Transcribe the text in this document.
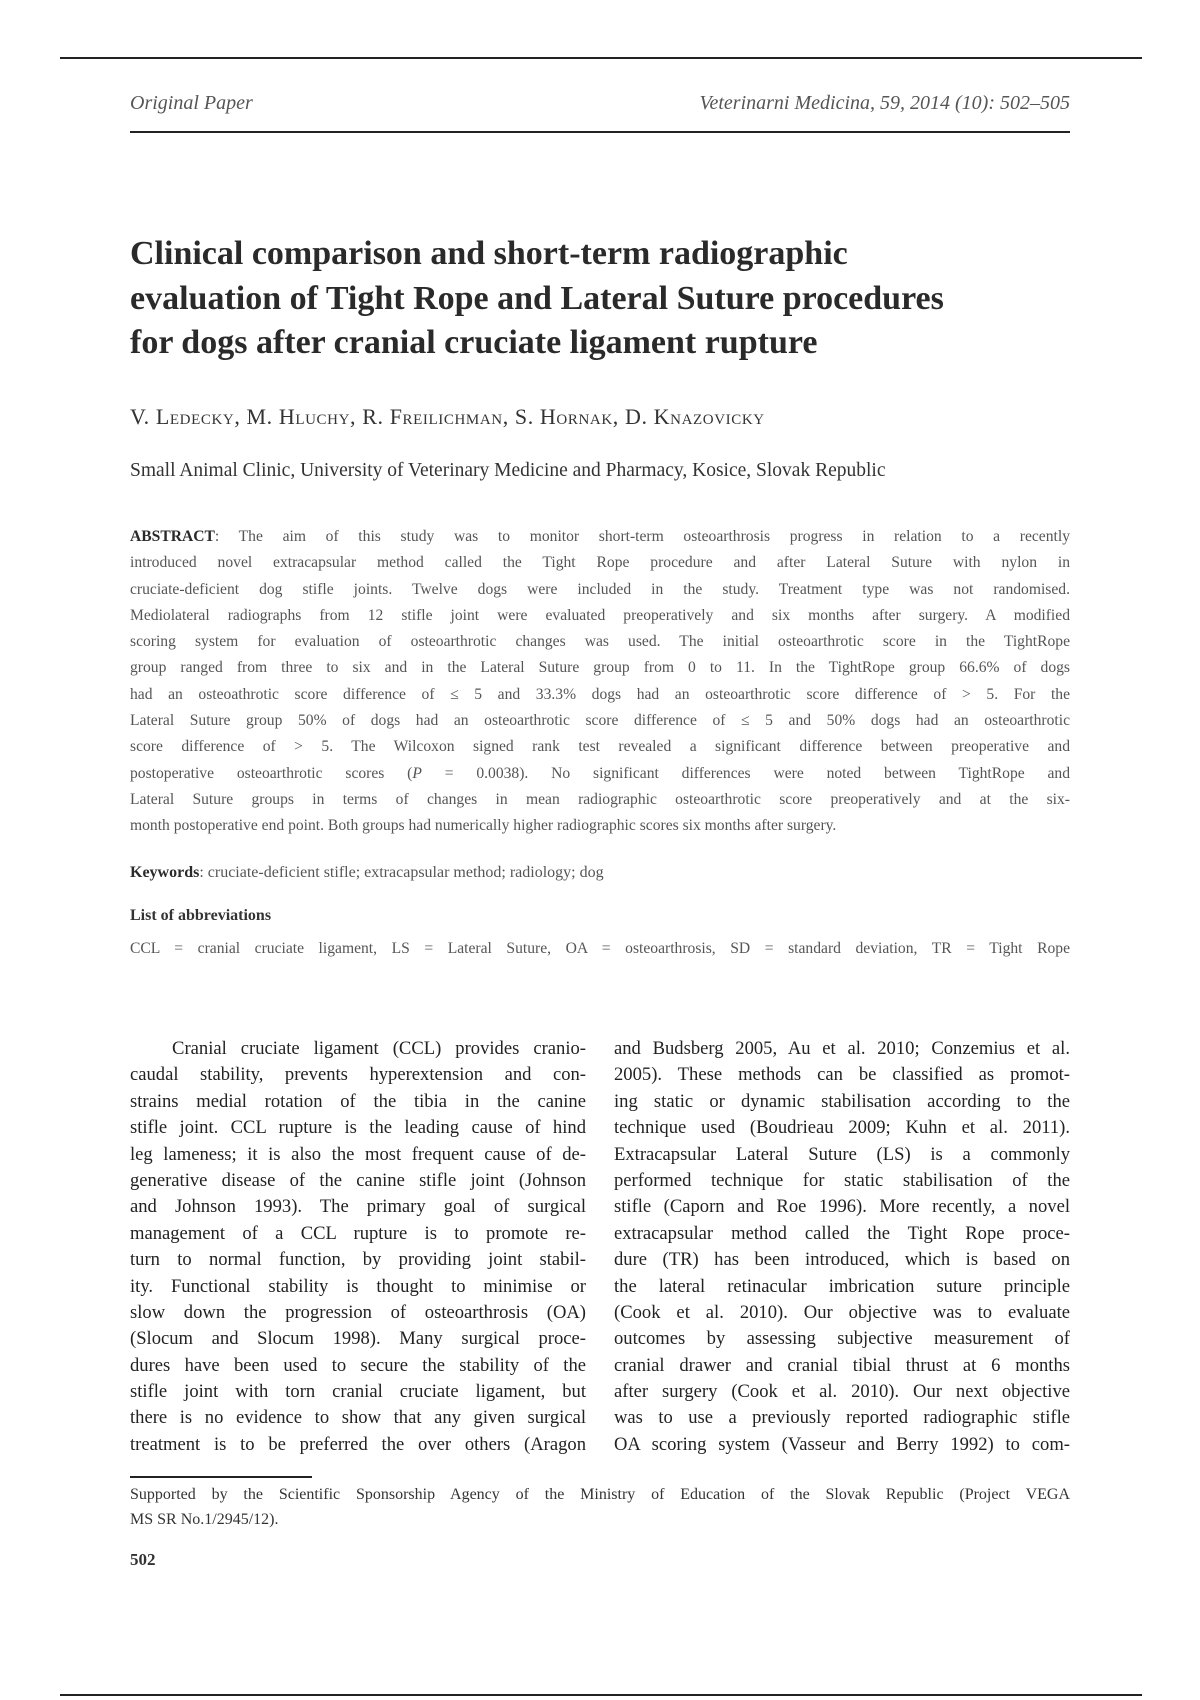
Original Paper	Veterinarni Medicina, 59, 2014 (10): 502–505
Clinical comparison and short-term radiographic
evaluation of Tight Rope and Lateral Suture procedures
for dogs after cranial cruciate ligament rupture
V. Ledecky, M. Hluchy, R. Freilichman, S. Hornak, D. Knazovicky
Small Animal Clinic, University of Veterinary Medicine and Pharmacy, Kosice, Slovak Republic
ABSTRACT: The aim of this study was to monitor short-term osteoarthrosis progress in relation to a recently
introduced novel extracapsular method called the Tight Rope procedure and after Lateral Suture with nylon in
cruciate-deficient dog stifle joints. Twelve dogs were included in the study. Treatment type was not randomised.
Mediolateral radiographs from 12 stifle joint were evaluated preoperatively and six months after surgery. A modified
scoring system for evaluation of osteoarthrotic changes was used. The initial osteoarthrotic score in the TightRope
group ranged from three to six and in the Lateral Suture group from 0 to 11. In the TightRope group 66.6% of dogs
had an osteoathrotic score difference of ≤ 5 and 33.3% dogs had an osteoarthrotic score difference of > 5. For the
Lateral Suture group 50% of dogs had an osteoarthrotic score difference of ≤ 5 and 50% dogs had an osteoarthrotic
score difference of > 5. The Wilcoxon signed rank test revealed a significant difference between preoperative and
postoperative osteoarthrotic scores (P = 0.0038). No significant differences were noted between TightRope and
Lateral Suture groups in terms of changes in mean radiographic osteoarthrotic score preoperatively and at the six-
month postoperative end point. Both groups had numerically higher radiographic scores six months after surgery.
Keywords: cruciate-deficient stifle; extracapsular method; radiology; dog
List of abbreviations
CCL = cranial cruciate ligament, LS = Lateral Suture, OA = osteoarthrosis, SD = standard deviation, TR = Tight Rope
Cranial cruciate ligament (CCL) provides cranio-
caudal stability, prevents hyperextension and con-
strains medial rotation of the tibia in the canine
stifle joint. CCL rupture is the leading cause of hind
leg lameness; it is also the most frequent cause of de-
generative disease of the canine stifle joint (Johnson
and Johnson 1993). The primary goal of surgical
management of a CCL rupture is to promote re-
turn to normal function, by providing joint stabil-
ity. Functional stability is thought to minimise or
slow down the progression of osteoarthrosis (OA)
(Slocum and Slocum 1998). Many surgical proce-
dures have been used to secure the stability of the
stifle joint with torn cranial cruciate ligament, but
there is no evidence to show that any given surgical
treatment is to be preferred the over others (Aragon
and Budsberg 2005, Au et al. 2010; Conzemius et al.
2005). These methods can be classified as promot-
ing static or dynamic stabilisation according to the
technique used (Boudrieau 2009; Kuhn et al. 2011).
Extracapsular Lateral Suture (LS) is a commonly
performed technique for static stabilisation of the
stifle (Caporn and Roe 1996). More recently, a novel
extracapsular method called the Tight Rope proce-
dure (TR) has been introduced, which is based on
the lateral retinacular imbrication suture principle
(Cook et al. 2010). Our objective was to evaluate
outcomes by assessing subjective measurement of
cranial drawer and cranial tibial thrust at 6 months
after surgery (Cook et al. 2010). Our next objective
was to use a previously reported radiographic stifle
OA scoring system (Vasseur and Berry 1992) to com-
Supported by the Scientific Sponsorship Agency of the Ministry of Education of the Slovak Republic (Project VEGA
MS SR No.1/2945/12).
502
